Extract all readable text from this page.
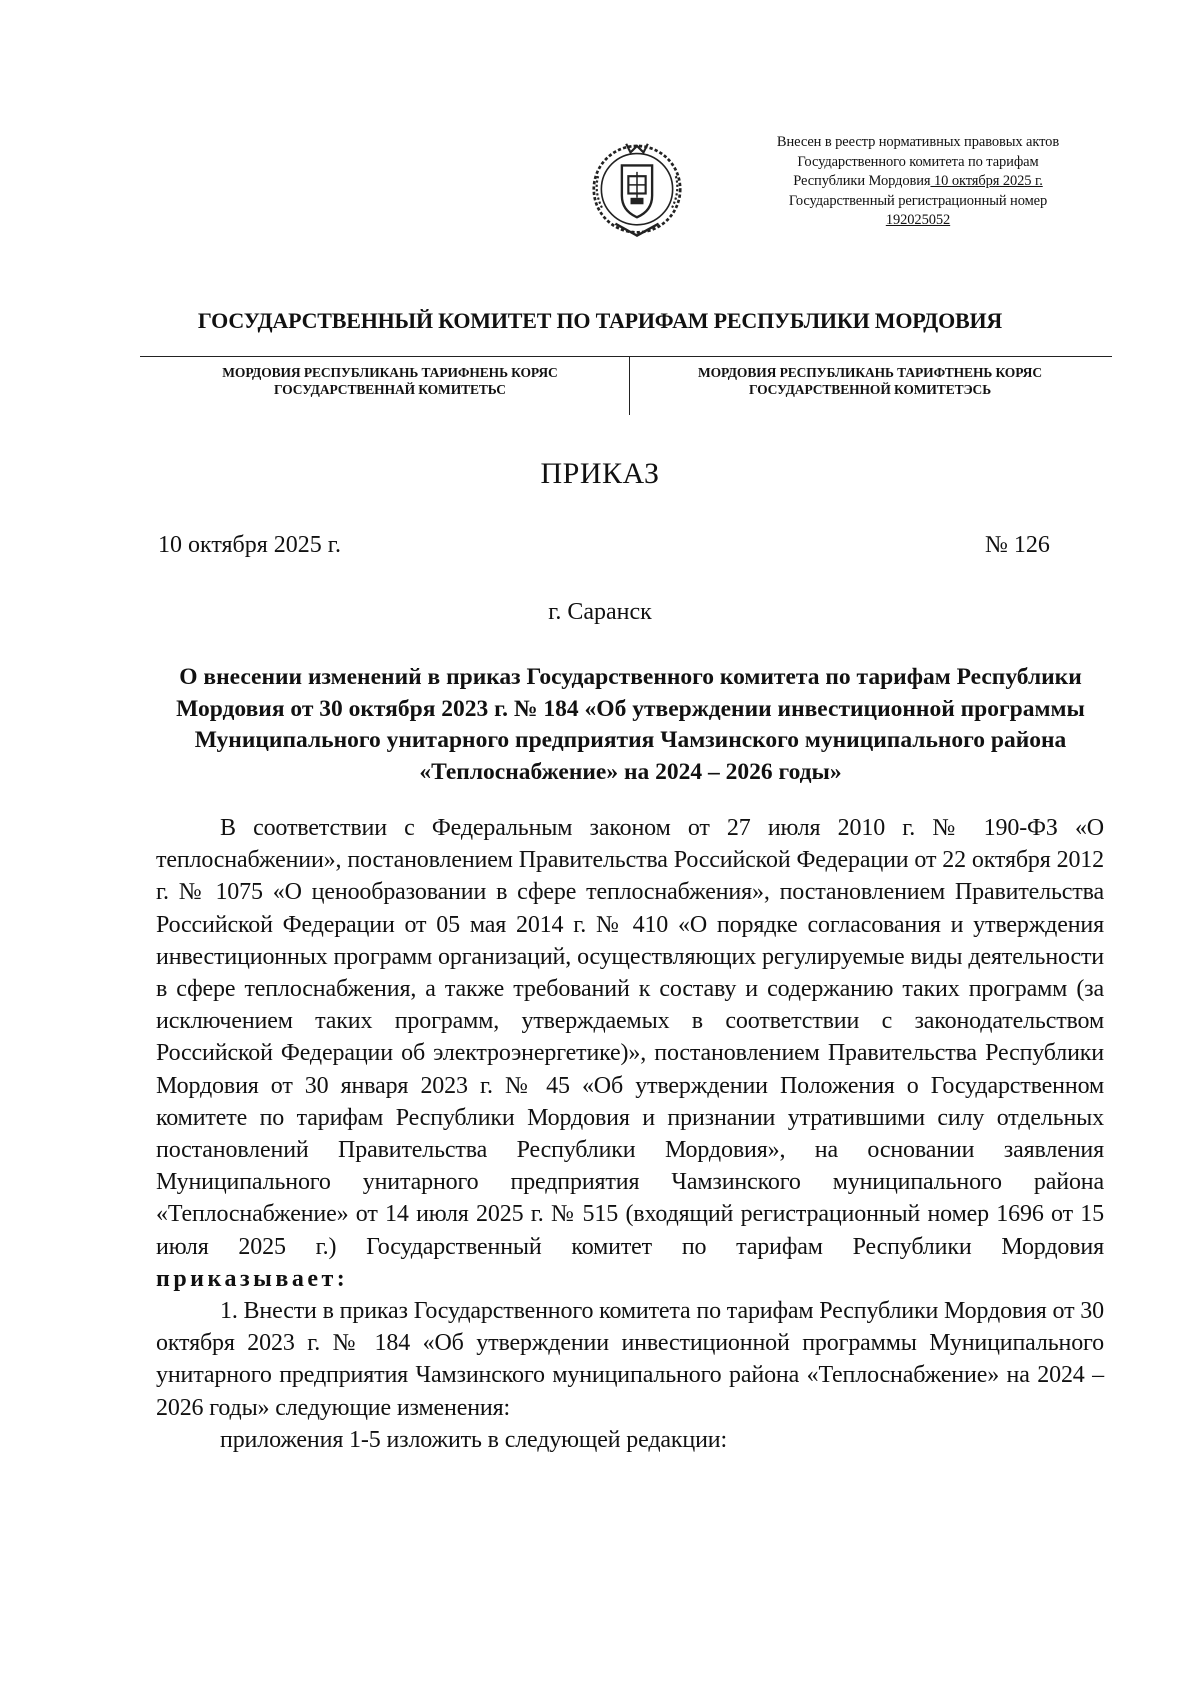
Внесен в реестр нормативных правовых актов
Государственного комитета по тарифам
Республики Мордовия 10 октября 2025 г.
Государственный регистрационный номер
192025052
ГОСУДАРСТВЕННЫЙ КОМИТЕТ ПО ТАРИФАМ РЕСПУБЛИКИ МОРДОВИЯ
МОРДОВИЯ РЕСПУБЛИКАНЬ ТАРИФНЕНЬ КОРЯС
ГОСУДАРСТВЕННАЙ КОМИТЕТЬС
МОРДОВИЯ РЕСПУБЛИКАНЬ ТАРИФТНЕНЬ КОРЯС
ГОСУДАРСТВЕННОЙ КОМИТЕТЭСЬ
ПРИКАЗ
10 октября 2025 г.	№ 126
г. Саранск
О внесении изменений в приказ Государственного комитета по тарифам Республики Мордовия от 30 октября 2023 г. № 184 «Об утверждении инвестиционной программы Муниципального унитарного предприятия Чамзинского муниципального района «Теплоснабжение» на 2024 – 2026 годы»

В соответствии с Федеральным законом от 27 июля 2010 г. № 190-ФЗ «О теплоснабжении», постановлением Правительства Российской Федерации от 22 октября 2012 г. № 1075 «О ценообразовании в сфере теплоснабжения», постановлением Правительства Российской Федерации от 05 мая 2014 г. № 410 «О порядке согласования и утверждения инвестиционных программ организаций, осуществляющих регулируемые виды деятельности в сфере теплоснабжения, а также требований к составу и содержанию таких программ (за исключением таких программ, утверждаемых в соответствии с законодательством Российской Федерации об электроэнергетике)», постановлением Правительства Республики Мордовия от 30 января 2023 г. № 45 «Об утверждении Положения о Государственном комитете по тарифам Республики Мордовия и признании утратившими силу отдельных постановлений Правительства Республики Мордовия», на основании заявления Муниципального унитарного предприятия Чамзинского муниципального района «Теплоснабжение» от 14 июля 2025 г. № 515 (входящий регистрационный номер 1696 от 15 июля 2025 г.) Государственный комитет по тарифам Республики Мордовия приказывает:

1. Внести в приказ Государственного комитета по тарифам Республики Мордовия от 30 октября 2023 г. № 184 «Об утверждении инвестиционной программы Муниципального унитарного предприятия Чамзинского муниципального района «Теплоснабжение» на 2024 – 2026 годы» следующие изменения:

приложения 1-5 изложить в следующей редакции:
